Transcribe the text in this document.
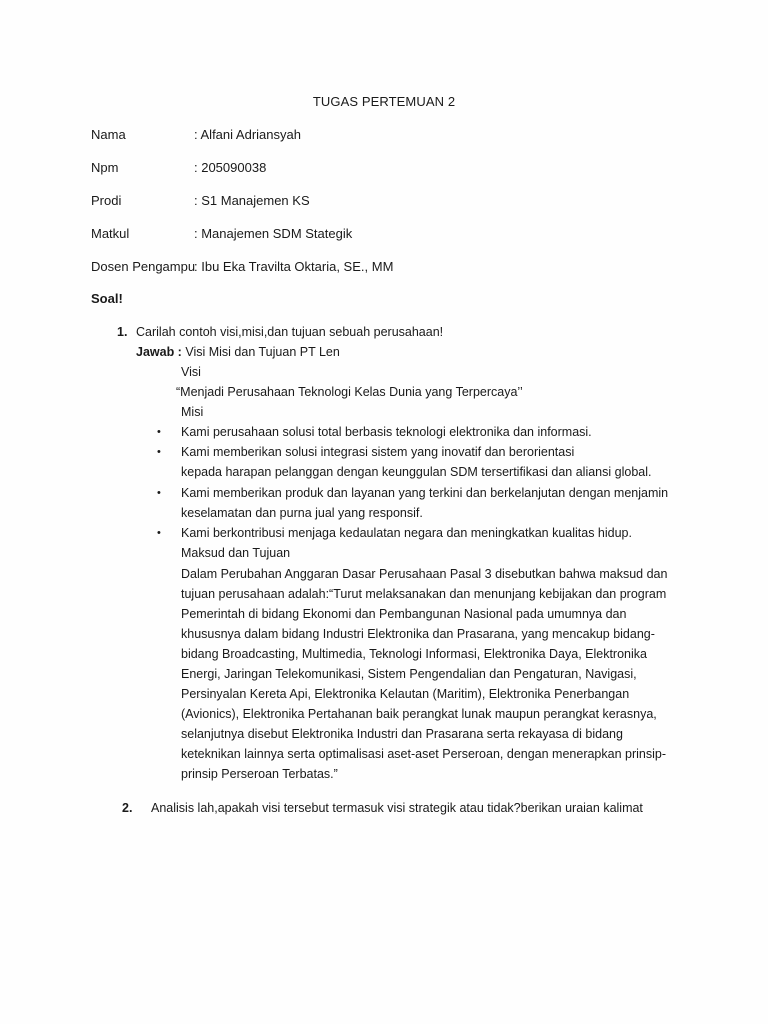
TUGAS PERTEMUAN 2
Nama	: Alfani Adriansyah
Npm	: 205090038
Prodi	: S1 Manajemen KS
Matkul	: Manajemen SDM Stategik
Dosen Pengampu: Ibu Eka Travilta Oktaria, SE., MM
Soal!
1. Carilah contoh visi,misi,dan tujuan sebuah perusahaan!
Jawab : Visi Misi dan Tujuan PT Len
Visi
“Menjadi Perusahaan Teknologi Kelas Dunia yang Terpercaya’’
Misi
• Kami perusahaan solusi total berbasis teknologi elektronika dan informasi.
• Kami memberikan solusi integrasi sistem yang inovatif dan berorientasi
kepada harapan pelanggan dengan keunggulan SDM tersertifikasi dan aliansi global.
• Kami memberikan produk dan layanan yang terkini dan berkelanjutan dengan menjamin
keselamatan dan purna jual yang responsif.
• Kami berkontribusi menjaga kedaulatan negara dan meningkatkan kualitas hidup.
Maksud dan Tujuan
Dalam Perubahan Anggaran Dasar Perusahaan Pasal 3 disebutkan bahwa maksud dan
tujuan perusahaan adalah:“Turut melaksanakan dan menunjang kebijakan dan program
Pemerintah di bidang Ekonomi dan Pembangunan Nasional pada umumnya dan
khususnya dalam bidang Industri Elektronika dan Prasarana, yang mencakup bidang-
bidang Broadcasting, Multimedia, Teknologi Informasi, Elektronika Daya, Elektronika
Energi, Jaringan Telekomunikasi, Sistem Pengendalian dan Pengaturan, Navigasi,
Persinyalan Kereta Api, Elektronika Kelautan (Maritim), Elektronika Penerbangan
(Avionics), Elektronika Pertahanan baik perangkat lunak maupun perangkat kerasnya,
selanjutnya disebut Elektronika Industri dan Prasarana serta rekayasa di bidang
keteknikan lainnya serta optimalisasi aset-aset Perseroan, dengan menerapkan prinsip-
prinsip Perseroan Terbatas.”
2. Analisis lah,apakah visi tersebut termasuk visi strategik atau tidak?berikan uraian kalimat
